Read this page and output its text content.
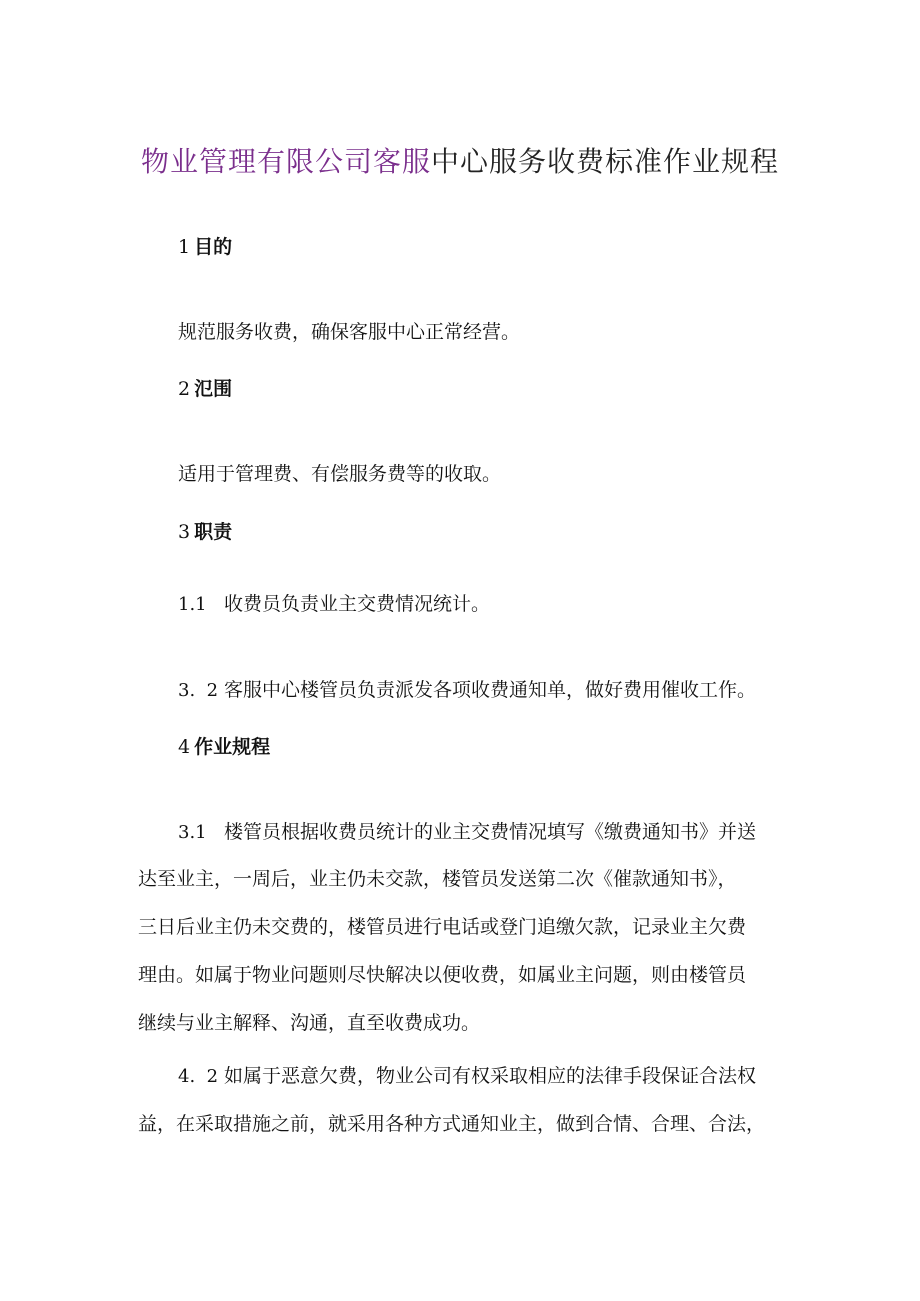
物业管理有限公司客服中心服务收费标准作业规程
1 目的
规范服务收费，确保客服中心正常经营。
2 氾围
适用于管理费、有偿服务费等的收取。
3 职责
1.1 收费员负责业主交费情况统计。
3.  2 客服中心楼管员负责派发各项收费通知单，做好费用催收工作。
4 作业规程
3.1 楼管员根据收费员统计的业主交费情况填写《缴费通知书》并送
达至业主，一周后，业主仍未交款，楼管员发送第二次《催款通知书》，
三日后业主仍未交费的，楼管员进行电话或登门追缴欠款，记录业主欠费
理由。如属于物业问题则尽快解决以便收费，如属业主问题，则由楼管员
继续与业主解释、沟通，直至收费成功。
4.  2 如属于恶意欠费，物业公司有权采取相应的法律手段保证合法权
益，在采取措施之前，就采用各种方式通知业主，做到合情、合理、合法，
